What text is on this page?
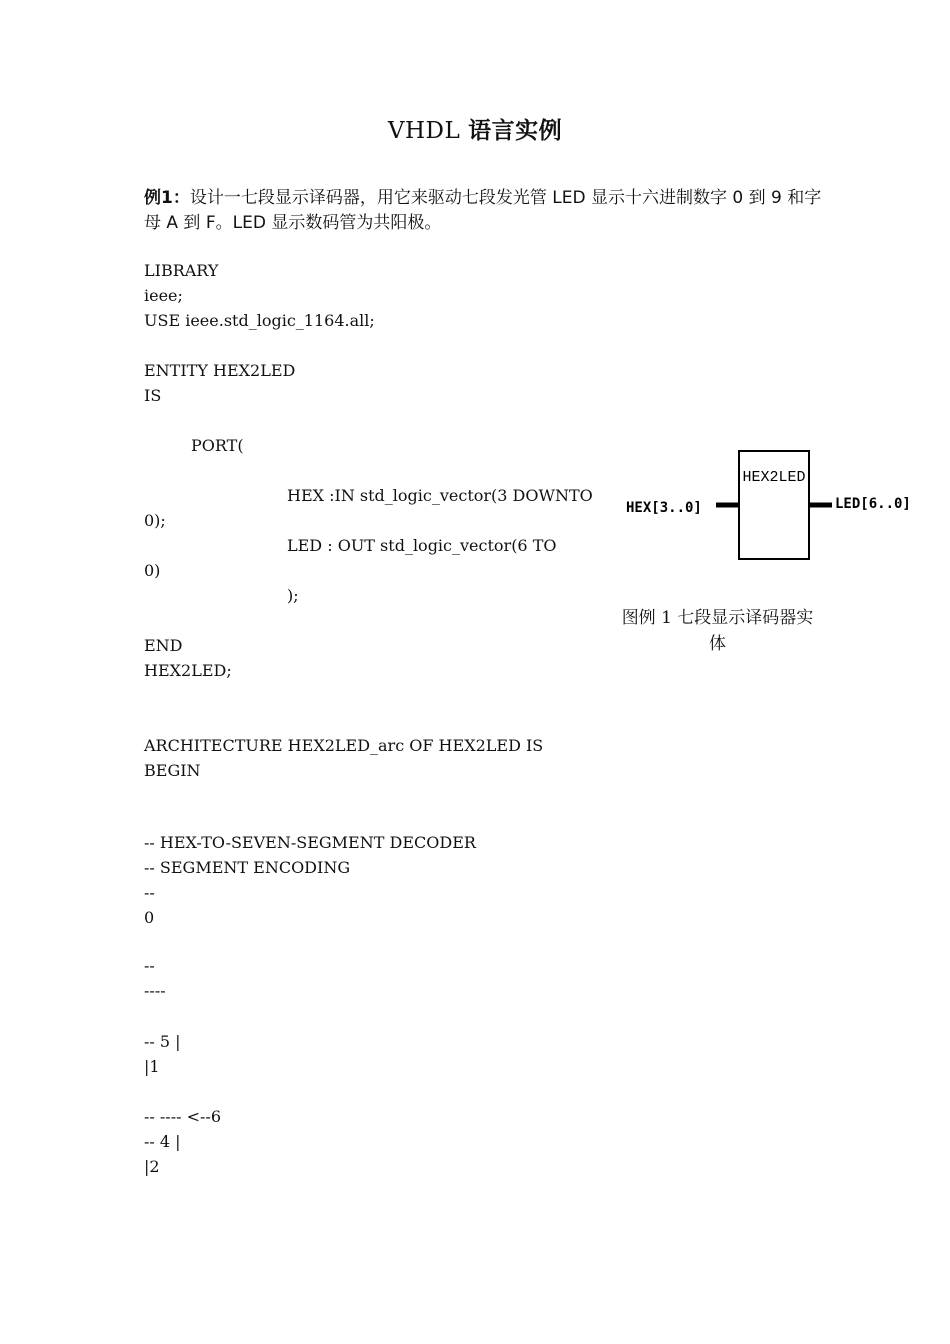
VHDL 语言实例
例1：设计一七段显示译码器，用它来驱动七段发光管 LED 显示十六进制数字 0 到 9 和字母 A 到 F。LED 显示数码管为共阳极。
LIBRARY
ieee;
USE ieee.std_logic_1164.all;
ENTITY HEX2LED
IS
PORT(
HEX :IN std_logic_vector(3 DOWNTO
0);
LED : OUT std_logic_vector(6 TO
0)
);
END
HEX2LED;
ARCHITECTURE HEX2LED_arc OF HEX2LED IS
BEGIN
-- HEX-TO-SEVEN-SEGMENT DECODER
-- SEGMENT ENCODING
--
0
--
----
-- 5 |
|1
-- ---- <--6
-- 4 |
|2
HEX2LED
HEX[3..0]	LED[6..0]
图例 1 七段显示译码器实体
